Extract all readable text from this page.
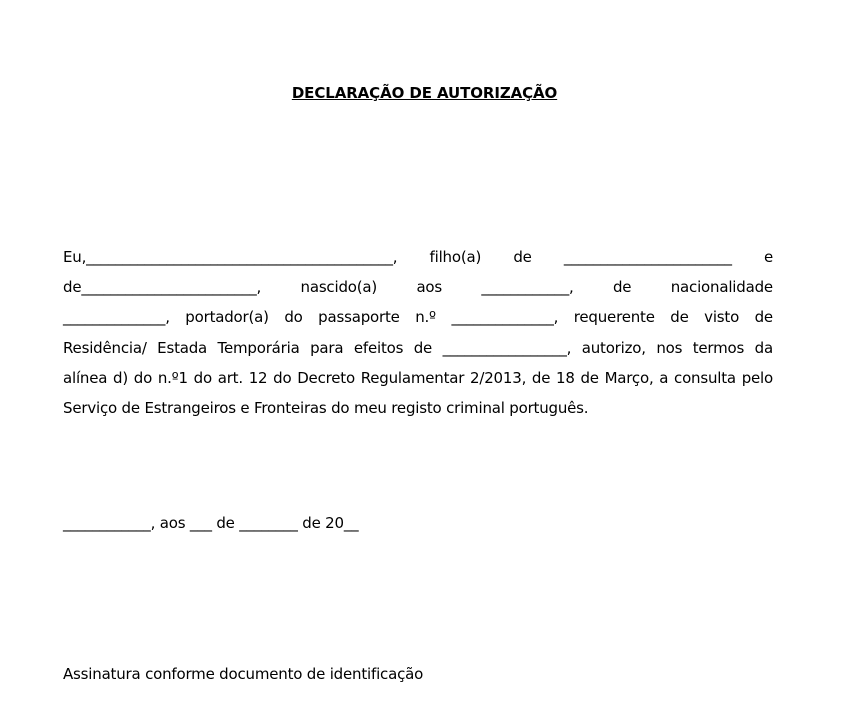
DECLARAÇÃO DE AUTORIZAÇÃO
Eu,__________________________________________, filho(a) de _______________________ e
de________________________,	nascido(a)	aos	____________,	de	nacionalidade
______________, portador(a) do passaporte n.º ______________, requerente de visto de
Residência/ Estada Temporária para efeitos de _________________, autorizo, nos termos da
alínea d) do n.º1 do art. 12 do Decreto Regulamentar 2/2013, de 18 de Março, a consulta pelo
Serviço de Estrangeiros e Fronteiras do meu registo criminal português.
____________, aos ___ de ________ de 20__
Assinatura conforme documento de identificação
